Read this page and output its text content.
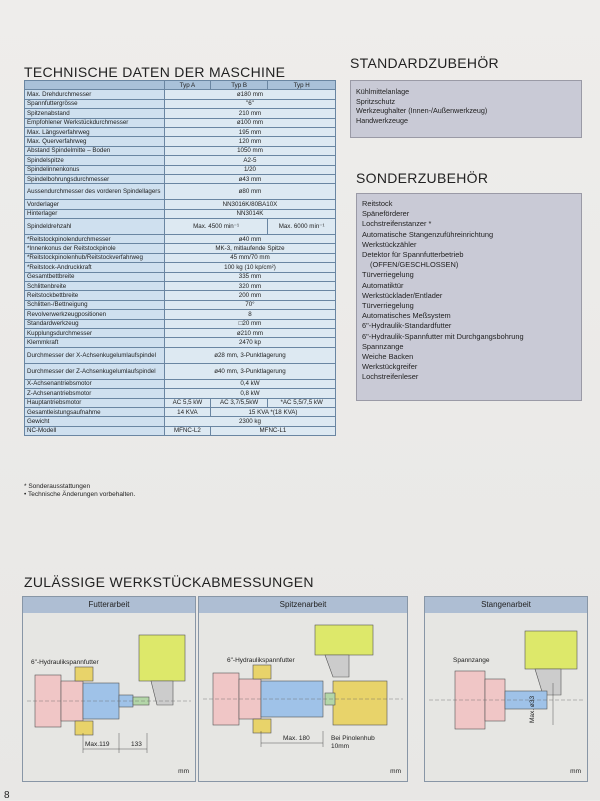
TECHNISCHE DATEN DER MASCHINE
	Typ A	Typ B	Typ H
Max. Drehdurchmesser	ø180 mm		
Spannfuttergrösse	"6"		
Spitzenabstand	210 mm		
Empfohlener Werkstückdurchmesser	ø100 mm		
Max. Längsverfahrweg	195 mm		
Max. Querverfahrweg	120 mm		
Abstand Spindelmitte – Boden	1050 mm		
Spindelspitze	A2-5		
Spindelinnenkonus	1/20		
Spindelbohrungsdurchmesser	ø43 mm		
Aussendurchmesser des vorderen Spindellagers	ø80 mm		
Vorderlager	NN3016K/80BA10X		
Hinterlager	NN3014K		
Spindeldrehzahl	Max. 4500 min⁻¹		Max. 6000 min⁻¹
*Reitstockpinolendurchmesser	ø40 mm		
*Innenkonus der Reitstockpinole	MK-3, mitlaufende Spitze		
*Reitstockpinolenhub/Reitstockverfahrweg	45 mm/70 mm		
*Reitstock-Andruckkraft	100 kg (10 kp/cm²)		
Gesamtbettbreite	335 mm		
Schlittenbreite	320 mm		
Reitstockbettbreite	200 mm		
Schlitten-/Bettneigung	70°		
Revolverwerkzeugpositionen	8		
Standardwerkzeug	□20 mm		
Kupplungsdurchmesser	ø210 mm		
Klemmkraft	2470 kp		
Durchmesser der X-Achsenkugelumlaufspindel	ø28 mm, 3-Punktlagerung		
Durchmesser der Z-Achsenkugelumlaufspindel	ø40 mm, 3-Punktlagerung		
X-Achsenantriebsmotor	0,4 kW		
Z-Achsenantriebsmotor	0,8 kW		
Hauptantriebsmotor	AC 5,5 kW	AC 3,7/5,5kW	*AC 5,5/7,5 kW
Gesamtleistungsaufnahme	14 KVA	15 KVA *(18 KVA)	
Gewicht	2300 kg		
NC-Modell	MFNC-L2	MFNC-L1	
* Sonderausstattungen
• Technische Änderungen vorbehalten.
STANDARDZUBEHÖR
Kühlmittelanlage
Spritzschutz
Werkzeughalter (Innen-/Außenwerkzeug)
Handwerkzeuge
SONDERZUBEHÖR
Reitstock
Späneförderer
Lochstreifenstanzer *
Automatische Stangenzuführeinrichtung
Werkstückzähler
Detektor für Spannfutterbetrieb
(OFFEN/GESCHLOSSEN)
Türverriegelung
Automatiktür
Werkstücklader/Entlader
Türverriegelung
Automatisches Meßsystem
6"-Hydraulik-Standardfutter
6"-Hydraulik-Spannfutter mit Durchgangsbohrung
Spannzange
Weiche Backen
Werkstückgreifer
Lochstreifenleser
ZULÄSSIGE WERKSTÜCKABMESSUNGEN
Futterarbeit
6"-Hydraulikspannfutter
Max.119	133
mm
Spitzenarbeit
6"-Hydraulikspannfutter
Max. 180	Bei Pinolenhub 10mm
mm
Stangenarbeit
Spannzange
Max. ø33
mm
8
